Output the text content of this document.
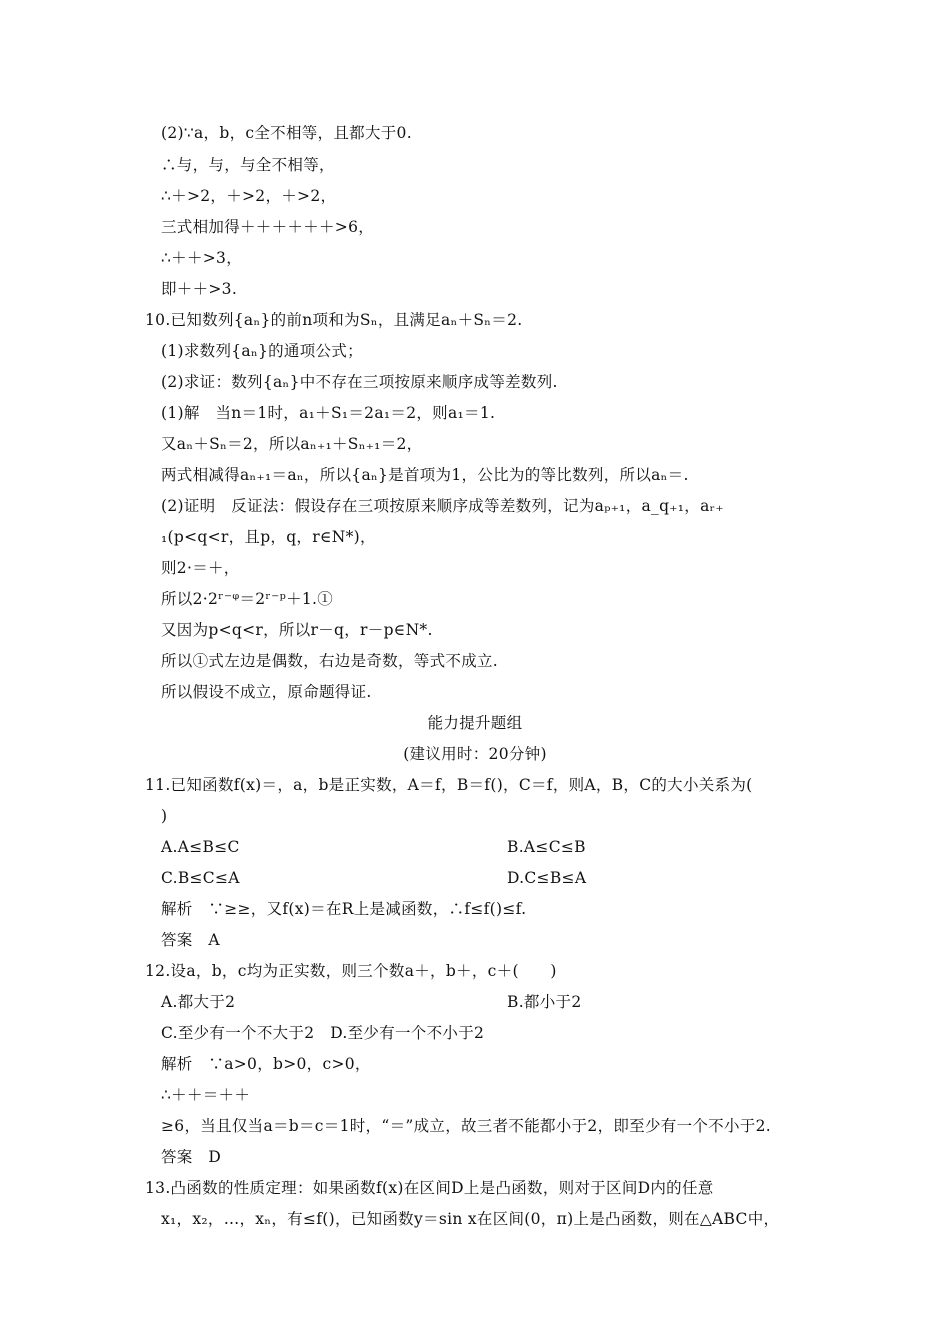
(2)∵a，b，c全不相等，且都大于0.
∴与，与，与全不相等，
∴＋>2，＋>2，＋>2，
三式相加得＋＋＋＋＋＋>6，
∴＋＋>3，
即＋＋>3.
10.已知数列{aₙ}的前n项和为Sₙ，且满足aₙ＋Sₙ＝2.
(1)求数列{aₙ}的通项公式；
(2)求证：数列{aₙ}中不存在三项按原来顺序成等差数列.
(1)解　当n＝1时，a₁＋S₁＝2a₁＝2，则a₁＝1.
又aₙ＋Sₙ＝2，所以aₙ₊₁＋Sₙ₊₁＝2，
两式相减得aₙ₊₁＝aₙ，所以{aₙ}是首项为1，公比为的等比数列，所以aₙ＝.
(2)证明　反证法：假设存在三项按原来顺序成等差数列，记为aₚ₊₁，a_q₊₁，aᵣ₊
₁(p<q<r，且p，q，r∈N*)，
则2·＝＋，
所以2·2ʳ⁻ᵠ＝2ʳ⁻ᵖ＋1.①
又因为p<q<r，所以r－q，r－p∈N*.
所以①式左边是偶数，右边是奇数，等式不成立.
所以假设不成立，原命题得证.
能力提升题组
(建议用时：20分钟)
11.已知函数f(x)＝，a，b是正实数，A＝f，B＝f()，C＝f，则A，B，C的大小关系为(
)
A.A≤B≤C	B.A≤C≤B
C.B≤C≤A	D.C≤B≤A
解析　∵≥≥，又f(x)＝在R上是减函数，∴f≤f()≤f.
答案　A
12.设a，b，c均为正实数，则三个数a＋，b＋，c＋(　　)
A.都大于2	B.都小于2
C.至少有一个不大于2　D.至少有一个不小于2
解析　∵a>0，b>0，c>0，
∴＋＋＝＋＋
≥6，当且仅当a＝b＝c＝1时，“＝”成立，故三者不能都小于2，即至少有一个不小于2.
答案　D
13.凸函数的性质定理：如果函数f(x)在区间D上是凸函数，则对于区间D内的任意
x₁，x₂，…，xₙ，有≤f()，已知函数y＝sin x在区间(0，π)上是凸函数，则在△ABC中，
